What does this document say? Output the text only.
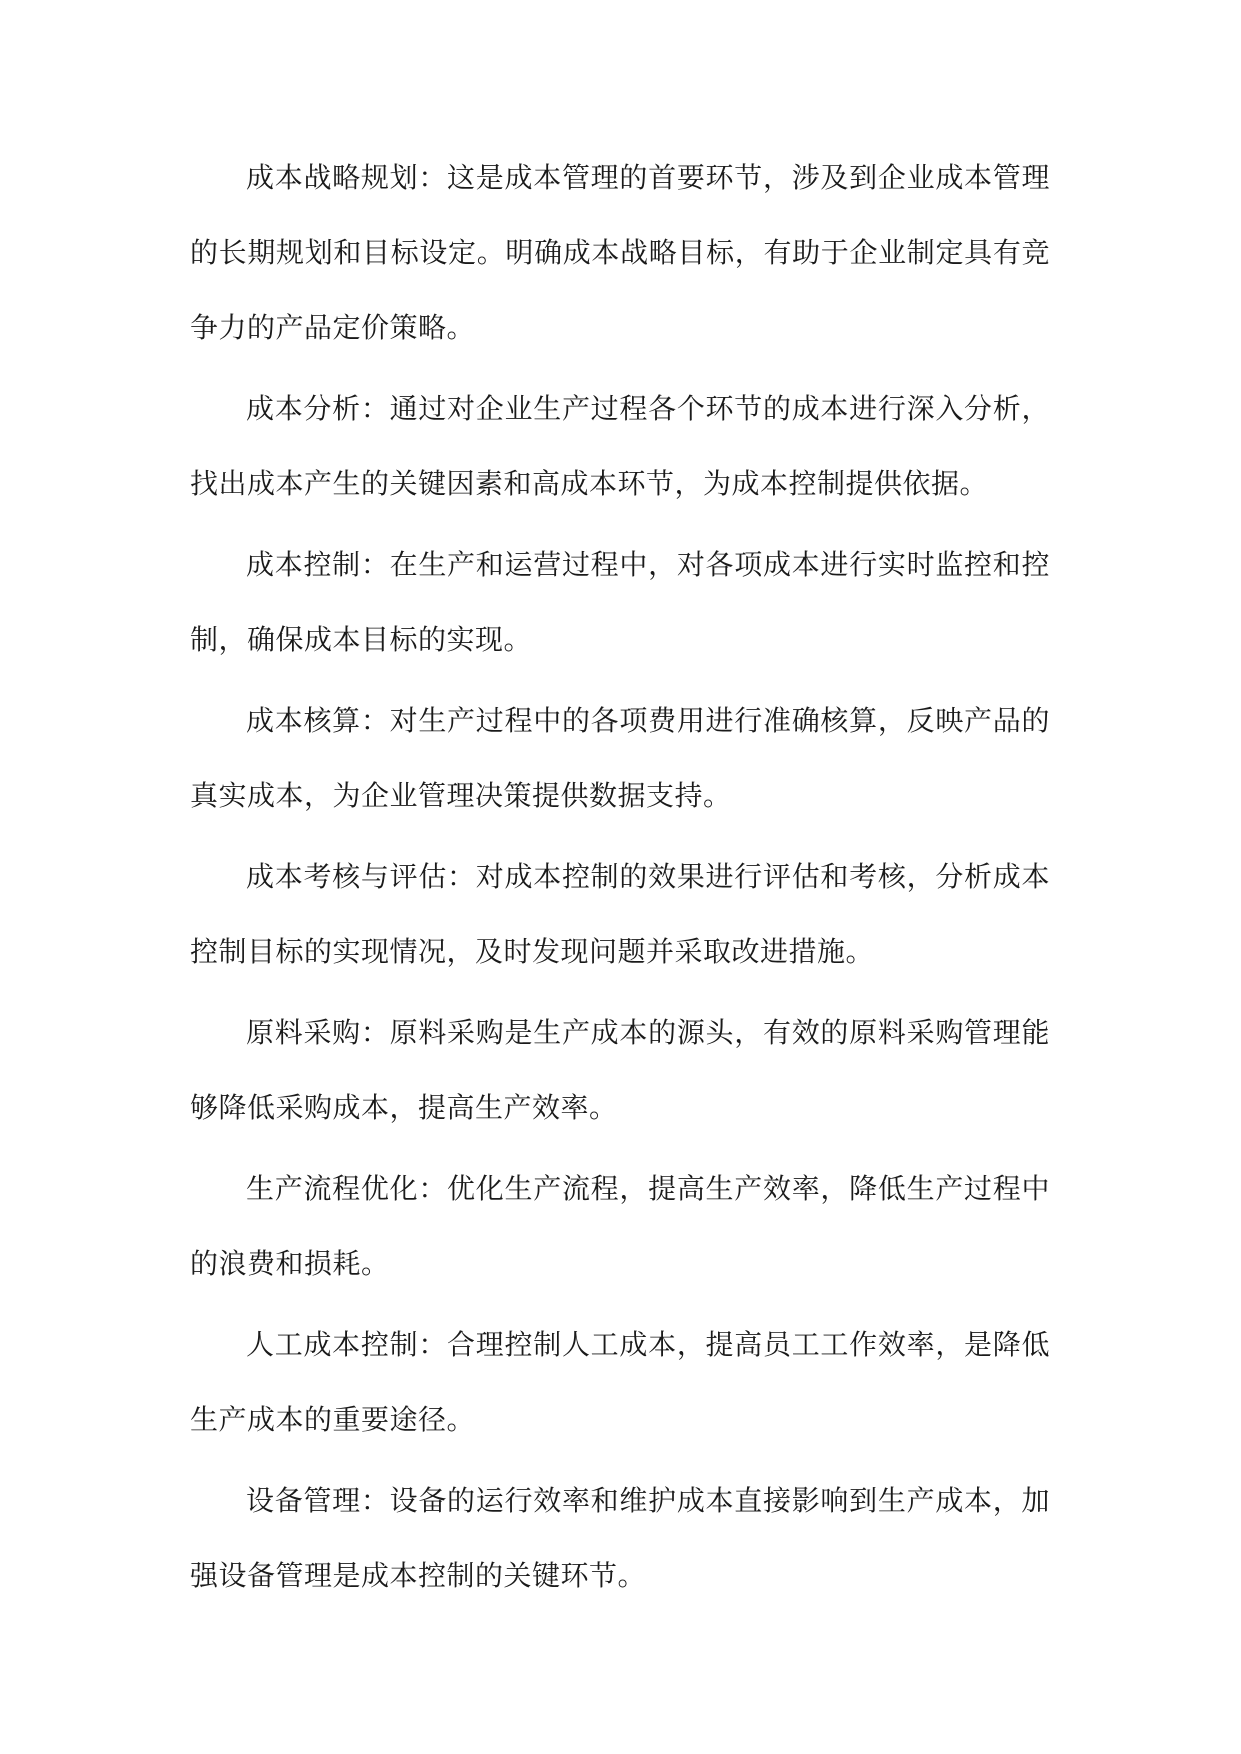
成本战略规划：这是成本管理的首要环节，涉及到企业成本管理的长期规划和目标设定。明确成本战略目标，有助于企业制定具有竞争力的产品定价策略。

成本分析：通过对企业生产过程各个环节的成本进行深入分析，找出成本产生的关键因素和高成本环节，为成本控制提供依据。

成本控制：在生产和运营过程中，对各项成本进行实时监控和控制，确保成本目标的实现。

成本核算：对生产过程中的各项费用进行准确核算，反映产品的真实成本，为企业管理决策提供数据支持。

成本考核与评估：对成本控制的效果进行评估和考核，分析成本控制目标的实现情况，及时发现问题并采取改进措施。

原料采购：原料采购是生产成本的源头，有效的原料采购管理能够降低采购成本，提高生产效率。

生产流程优化：优化生产流程，提高生产效率，降低生产过程中的浪费和损耗。

人工成本控制：合理控制人工成本，提高员工工作效率，是降低生产成本的重要途径。

设备管理：设备的运行效率和维护成本直接影响到生产成本，加强设备管理是成本控制的关键环节。
